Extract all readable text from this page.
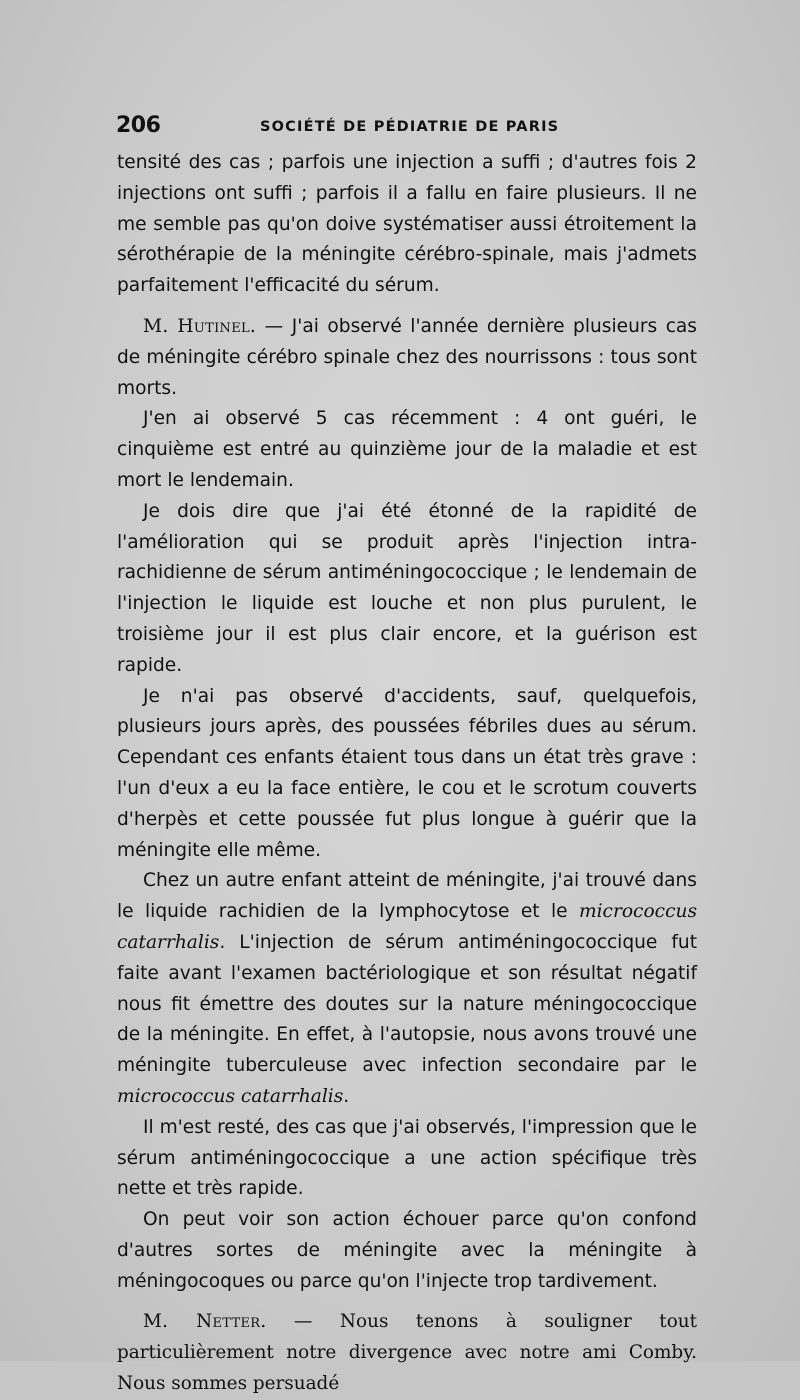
206	SOCIÉTÉ DE PÉDIATRIE DE PARIS

tensité des cas ; parfois une injection a suffi ; d'autres fois 2 injections ont suffi ; parfois il a fallu en faire plusieurs. Il ne me semble pas qu'on doive systématiser aussi étroitement la sérothérapie de la méningite cérébro-spinale, mais j'admets parfaitement l'efficacité du sérum.

M. Hutinel. — J'ai observé l'année dernière plusieurs cas de méningite cérébro spinale chez des nourrissons : tous sont morts.

J'en ai observé 5 cas récemment : 4 ont guéri, le cinquième est entré au quinzième jour de la maladie et est mort le lendemain.

Je dois dire que j'ai été étonné de la rapidité de l'amélioration qui se produit après l'injection intra-rachidienne de sérum antiméningococcique ; le lendemain de l'injection le liquide est louche et non plus purulent, le troisième jour il est plus clair encore, et la guérison est rapide.

Je n'ai pas observé d'accidents, sauf, quelquefois, plusieurs jours après, des poussées fébriles dues au sérum. Cependant ces enfants étaient tous dans un état très grave : l'un d'eux a eu la face entière, le cou et le scrotum couverts d'herpès et cette poussée fut plus longue à guérir que la méningite elle même.

Chez un autre enfant atteint de méningite, j'ai trouvé dans le liquide rachidien de la lymphocytose et le micrococcus catarrhalis. L'injection de sérum antiméningococcique fut faite avant l'examen bactériologique et son résultat négatif nous fit émettre des doutes sur la nature méningococcique de la méningite. En effet, à l'autopsie, nous avons trouvé une méningite tuberculeuse avec infection secondaire par le micrococcus catarrhalis.

Il m'est resté, des cas que j'ai observés, l'impression que le sérum antiméningococcique a une action spécifique très nette et très rapide.

On peut voir son action échouer parce qu'on confond d'autres sortes de méningite avec la méningite à méningocoques ou parce qu'on l'injecte trop tardivement.

M. Netter. — Nous tenons à souligner tout particulièrement notre divergence avec notre ami Comby. Nous sommes persuadé
